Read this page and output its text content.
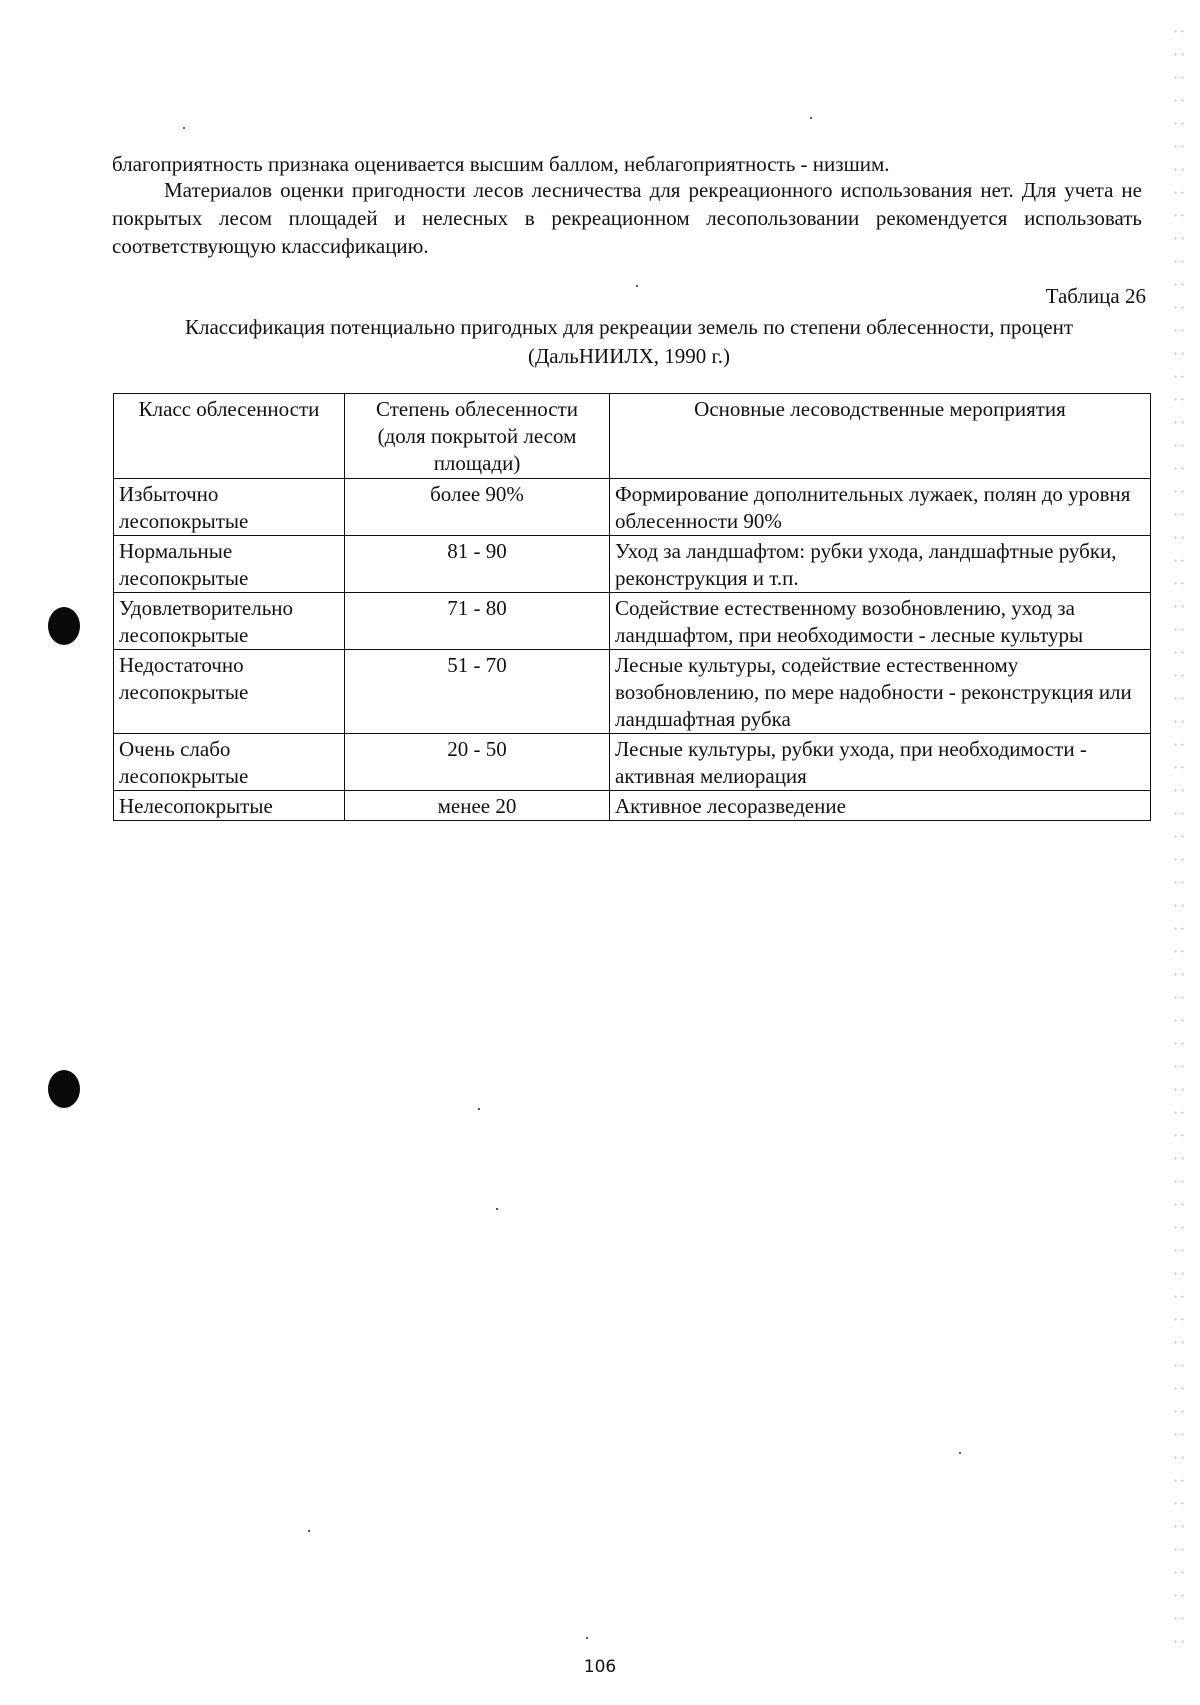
благоприятность признака оценивается высшим баллом, неблагоприятность - низшим.

Материалов оценки пригодности лесов лесничества для рекреационного использования нет. Для учета не покрытых лесом площадей и нелесных в рекреационном лесопользовании рекомендуется использовать соответствующую классификацию.

Таблица 26
Классификация потенциально пригодных для рекреации земель по степени облесенности, процент
(ДальНИИЛХ, 1990 г.)
Класс облесенности	Степень облесенности (доля покрытой лесом площади)	Основные лесоводственные мероприятия
Избыточно лесопокрытые	более 90%	Формирование дополнительных лужаек, полян до уровня облесенности 90%
Нормальные лесопокрытые	81 - 90	Уход за ландшафтом: рубки ухода, ландшафтные рубки, реконструкция и т.п.
Удовлетворительно лесопокрытые	71 - 80	Содействие естественному возобновлению, уход за ландшафтом, при необходимости - лесные культуры
Недостаточно лесопокрытые	51 - 70	Лесные культуры, содействие естественному возобновлению, по мере надобности - реконструкция или ландшафтная рубка
Очень слабо лесопокрытые	20 - 50	Лесные культуры, рубки ухода, при необходимости - активная мелиорация
Нелесопокрытые	менее 20	Активное лесоразведение
106
